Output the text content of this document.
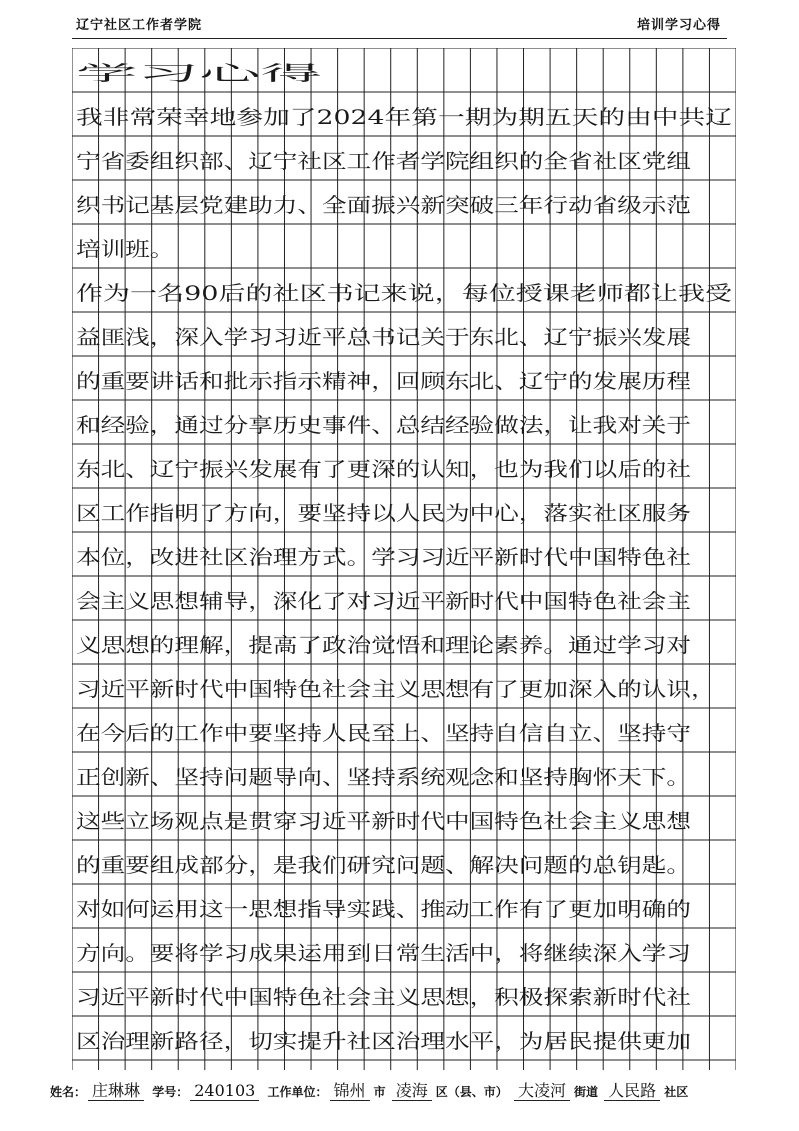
辽宁社区工作者学院	培训学习心得
学习心得
我非常荣幸地参加了2024年第一期为期五天的由中共辽
宁省委组织部、辽宁社区工作者学院组织的全省社区党组
织书记基层党建助力、全面振兴新突破三年行动省级示范
培训班。
作为一名90后的社区书记来说，每位授课老师都让我受
益匪浅，深入学习习近平总书记关于东北、辽宁振兴发展
的重要讲话和批示指示精神，回顾东北、辽宁的发展历程
和经验，通过分享历史事件、总结经验做法，让我对关于
东北、辽宁振兴发展有了更深的认知，也为我们以后的社
区工作指明了方向，要坚持以人民为中心，落实社区服务
本位，改进社区治理方式。学习习近平新时代中国特色社
会主义思想辅导，深化了对习近平新时代中国特色社会主
义思想的理解，提高了政治觉悟和理论素养。通过学习对
习近平新时代中国特色社会主义思想有了更加深入的认识，
在今后的工作中要坚持人民至上、坚持自信自立、坚持守
正创新、坚持问题导向、坚持系统观念和坚持胸怀天下。
这些立场观点是贯穿习近平新时代中国特色社会主义思想
的重要组成部分，是我们研究问题、解决问题的总钥匙。
对如何运用这一思想指导实践、推动工作有了更加明确的
方向。要将学习成果运用到日常生活中，将继续深入学习
习近平新时代中国特色社会主义思想，积极探索新时代社
区治理新路径，切实提升社区治理水平，为居民提供更加
姓名： 庄琳琳 学号： 240103 工作单位： 锦州 市 凌海 区（县、市） 大凌河 街道 人民路 社区
